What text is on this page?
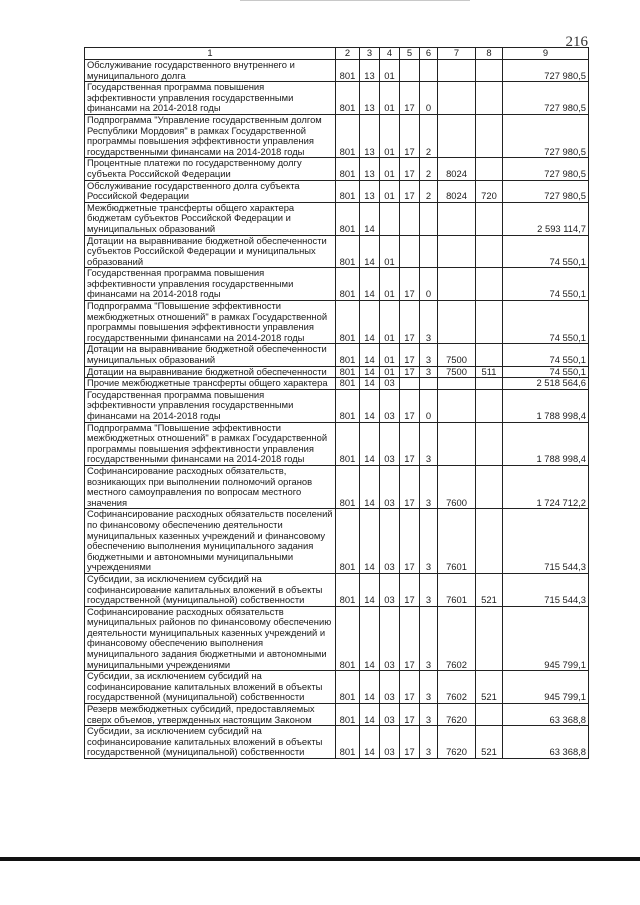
216
1	2	3	4	5	6	7	8	9
Обслуживание государственного внутреннего и муниципального долга	801	13	01					727 980,5
Государственная программа повышения эффективности управления государственными финансами на 2014-2018 годы	801	13	01	17	0			727 980,5
Подпрограмма "Управление государственным долгом Республики Мордовия" в рамках Государственной программы повышения эффективности управления государственными финансами на 2014-2018 годы	801	13	01	17	2			727 980,5
Процентные платежи по государственному долгу субъекта Российской Федерации	801	13	01	17	2	8024		727 980,5
Обслуживание государственного долга субъекта Российской Федерации	801	13	01	17	2	8024	720	727 980,5
Межбюджетные трансферты общего характера бюджетам субъектов Российской Федерации и муниципальных образований	801	14						2 593 114,7
Дотации на выравнивание бюджетной обеспеченности субъектов Российской Федерации и муниципальных образований	801	14	01					74 550,1
Государственная программа повышения эффективности управления государственными финансами на 2014-2018 годы	801	14	01	17	0			74 550,1
Подпрограмма "Повышение эффективности межбюджетных отношений" в рамках Государственной программы повышения эффективности управления государственными финансами на 2014-2018 годы	801	14	01	17	3			74 550,1
Дотации на выравнивание бюджетной обеспеченности муниципальных образований	801	14	01	17	3	7500		74 550,1
Дотации на выравнивание бюджетной обеспеченности	801	14	01	17	3	7500	511	74 550,1
Прочие межбюджетные трансферты общего характера	801	14	03					2 518 564,6
Государственная программа повышения эффективности управления государственными финансами на 2014-2018 годы	801	14	03	17	0			1 788 998,4
Подпрограмма "Повышение эффективности межбюджетных отношений" в рамках Государственной программы повышения эффективности управления государственными финансами на 2014-2018 годы	801	14	03	17	3			1 788 998,4
Софинансирование расходных обязательств, возникающих при выполнении полномочий органов местного самоуправления по вопросам местного значения	801	14	03	17	3	7600		1 724 712,2
Софинансирование расходных обязательств поселений по финансовому обеспечению деятельности муниципальных казенных учреждений и финансовому обеспечению выполнения муниципального задания бюджетными и автономными муниципальными учреждениями	801	14	03	17	3	7601		715 544,3
Субсидии, за исключением субсидий на софинансирование капитальных вложений в объекты государственной (муниципальной) собственности	801	14	03	17	3	7601	521	715 544,3
Софинансирование расходных обязательств муниципальных районов по финансовому обеспечению деятельности муниципальных казенных учреждений и финансовому обеспечению выполнения муниципального задания бюджетными и автономными муниципальными учреждениями	801	14	03	17	3	7602		945 799,1
Субсидии, за исключением субсидий на софинансирование капитальных вложений в объекты государственной (муниципальной) собственности	801	14	03	17	3	7602	521	945 799,1
Резерв межбюджетных субсидий, предоставляемых сверх объемов, утвержденных настоящим Законом	801	14	03	17	3	7620		63 368,8
Субсидии, за исключением субсидий на софинансирование капитальных вложений в объекты государственной (муниципальной) собственности	801	14	03	17	3	7620	521	63 368,8
